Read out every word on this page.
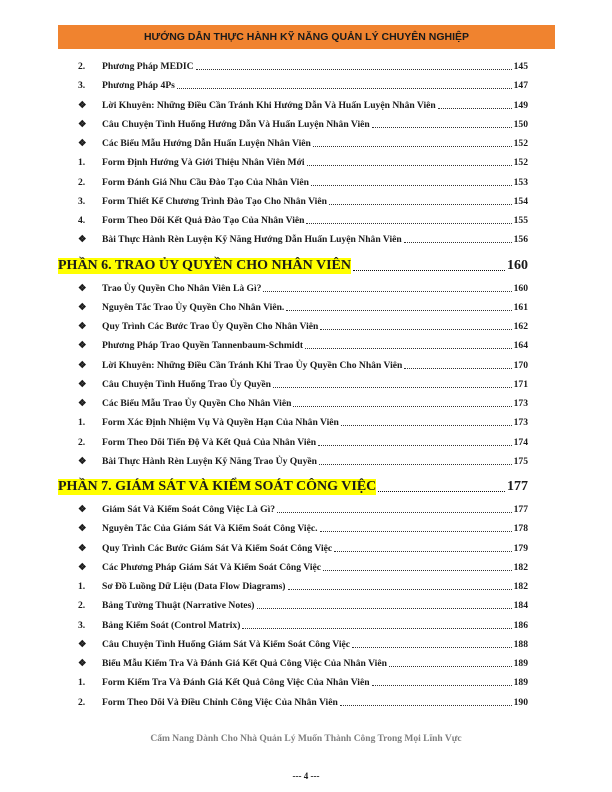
HƯỚNG DẪN THỰC HÀNH KỸ NĂNG QUẢN LÝ CHUYÊN NGHIỆP
2.	Phương Pháp MEDIC	145
3.	Phương Pháp 4Ps	147
❖	Lời Khuyên: Những Điều Cần Tránh Khi Hướng Dẫn Và Huấn Luyện Nhân Viên	149
❖	Câu Chuyện Tình Huống Hướng Dẫn Và Huấn Luyện Nhân Viên	150
❖	Các Biểu Mẫu Hướng Dẫn Huấn Luyện Nhân Viên	152
1.	Form Định Hướng Và Giới Thiệu Nhân Viên Mới	152
2.	Form Đánh Giá Nhu Cầu Đào Tạo Của Nhân Viên	153
3.	Form Thiết Kế Chương Trình Đào Tạo Cho Nhân Viên	154
4.	Form Theo Dõi Kết Quả Đào Tạo Của Nhân Viên	155
❖	Bài Thực Hành Rèn Luyện Kỹ Năng Hướng Dẫn Huấn Luyện Nhân Viên	156
PHẦN 6. TRAO ỦY QUYỀN CHO NHÂN VIÊN	160
❖	Trao Ủy Quyền Cho Nhân Viên Là Gì?	160
❖	Nguyên Tắc Trao Ủy Quyền Cho Nhân Viên.	161
❖	Quy Trình Các Bước Trao Ủy Quyền Cho Nhân Viên	162
❖	Phương Pháp Trao Quyền Tannenbaum-Schmidt	164
❖	Lời Khuyên: Những Điều Cần Tránh Khi Trao Ủy Quyền Cho Nhân Viên	170
❖	Câu Chuyện Tình Huống Trao Ủy Quyền	171
❖	Các Biểu Mẫu Trao Ủy Quyền Cho Nhân Viên	173
1.	Form Xác Định Nhiệm Vụ Và Quyền Hạn Của Nhân Viên	173
2.	Form Theo Dõi Tiến Độ Và Kết Quả Của Nhân Viên	174
❖	Bài Thực Hành Rèn Luyện Kỹ Năng Trao Ủy Quyền	175
PHẦN 7. GIÁM SÁT VÀ KIỂM SOÁT CÔNG VIỆC	177
❖	Giám Sát Và Kiểm Soát Công Việc Là Gì?	177
❖	Nguyên Tắc Của Giám Sát Và Kiểm Soát Công Việc.	178
❖	Quy Trình Các Bước Giám Sát Và Kiểm Soát Công Việc	179
❖	Các Phương Pháp Giám Sát Và Kiểm Soát Công Việc	182
1.	Sơ Đồ Luồng Dữ Liệu (Data Flow Diagrams)	182
2.	Bảng Tường Thuật (Narrative Notes)	184
3.	Bảng Kiểm Soát (Control Matrix)	186
❖	Câu Chuyện Tình Huống Giám Sát Và Kiểm Soát Công Việc	188
❖	Biểu Mẫu Kiểm Tra Và Đánh Giá Kết Quả Công Việc Của Nhân Viên	189
1.	Form Kiểm Tra Và Đánh Giá Kết Quả Công Việc Của Nhân Viên	189
2.	Form Theo Dõi Và Điều Chỉnh Công Việc Của Nhân Viên	190
Cẩm Nang Dành Cho Nhà Quản Lý Muốn Thành Công Trong Mọi Lĩnh Vực
--- 4 ---
